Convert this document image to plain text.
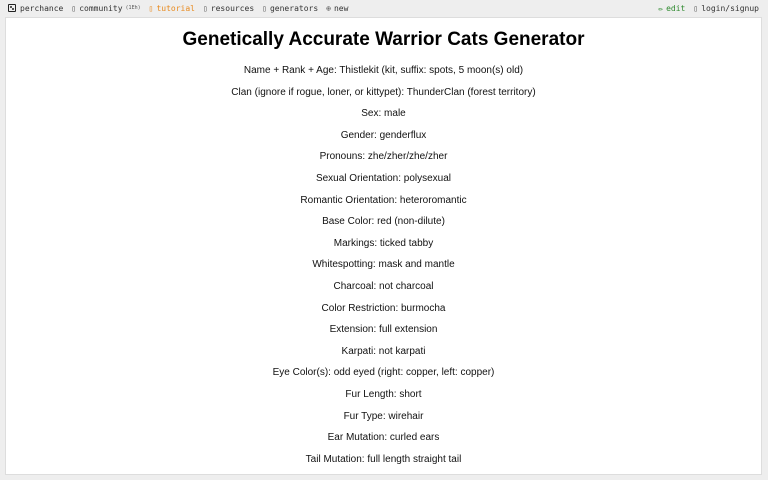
perchance ▯ community (1Eh) ▯ tutorial ▯ resources ▯ generators ⊕ new	✏ edit ▯ login/signup
Genetically Accurate Warrior Cats Generator
Name + Rank + Age: Thistlekit (kit, suffix: spots, 5 moon(s) old)
Clan (ignore if rogue, loner, or kittypet): ThunderClan (forest territory)
Sex: male
Gender: genderflux
Pronouns: zhe/zher/zhe/zher
Sexual Orientation: polysexual
Romantic Orientation: heteroromantic
Base Color: red (non-dilute)
Markings: ticked tabby
Whitespotting: mask and mantle
Charcoal: not charcoal
Color Restriction: burmocha
Extension: full extension
Karpati: not karpati
Eye Color(s): odd eyed (right: copper, left: copper)
Fur Length: short
Fur Type: wirehair
Ear Mutation: curled ears
Tail Mutation: full length straight tail
